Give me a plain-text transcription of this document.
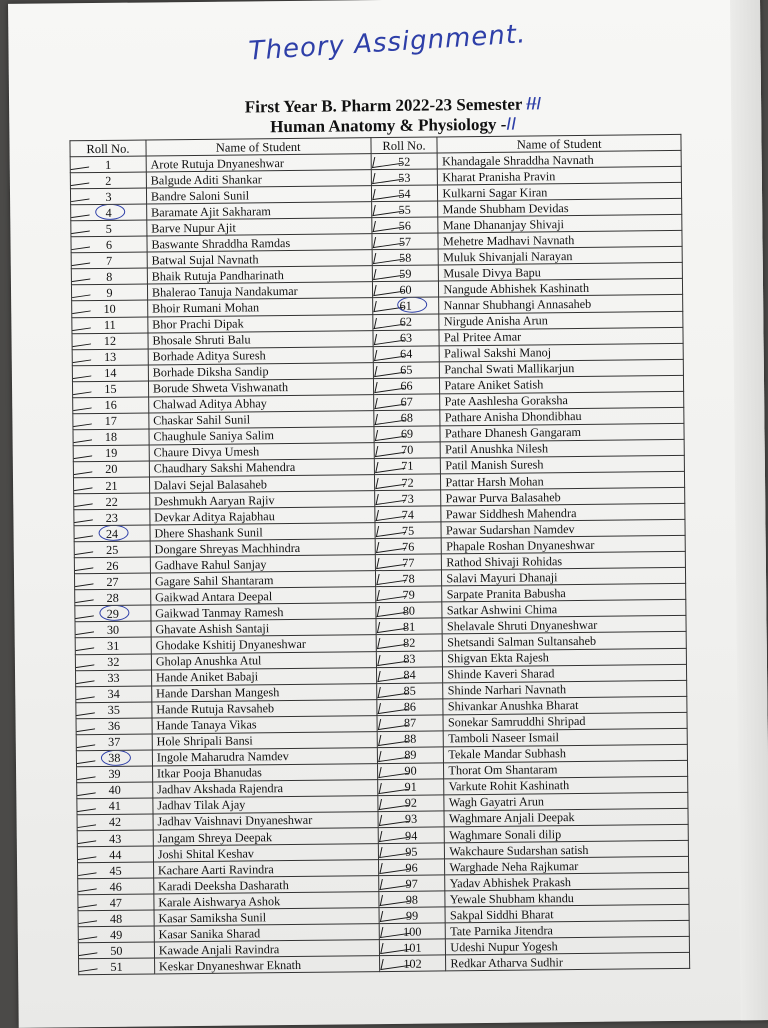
Theory Assignment.
First Year B. Pharm 2022-23 Semester III
Human Anatomy & Physiology -II
Roll No.	Name of Student	Roll No.	Name of Student
1	Arote Rutuja Dnyaneshwar	52	Khandagale Shraddha Navnath
2	Balgude Aditi Shankar	53	Kharat Pranisha Pravin
3	Bandre Saloni Sunil	54	Kulkarni Sagar Kiran
4	Baramate Ajit Sakharam	55	Mande Shubham Devidas
5	Barve Nupur Ajit	56	Mane Dhananjay Shivaji
6	Baswante Shraddha Ramdas	57	Mehetre Madhavi Navnath
7	Batwal Sujal Navnath	58	Muluk Shivanjali Narayan
8	Bhaik Rutuja Pandharinath	59	Musale Divya Bapu
9	Bhalerao Tanuja Nandakumar	60	Nangude Abhishek Kashinath
10	Bhoir Rumani Mohan	61	Nannar Shubhangi Annasaheb
11	Bhor Prachi Dipak	62	Nirgude Anisha Arun
12	Bhosale Shruti Balu	63	Pal Pritee Amar
13	Borhade Aditya Suresh	64	Paliwal Sakshi Manoj
14	Borhade Diksha Sandip	65	Panchal Swati Mallikarjun
15	Borude Shweta Vishwanath	66	Patare Aniket Satish
16	Chalwad Aditya Abhay	67	Pate Aashlesha Goraksha
17	Chaskar Sahil Sunil	68	Pathare Anisha Dhondibhau
18	Chaughule Saniya Salim	69	Pathare Dhanesh Gangaram
19	Chaure Divya Umesh	70	Patil Anushka Nilesh
20	Chaudhary Sakshi Mahendra	71	Patil Manish Suresh
21	Dalavi Sejal Balasaheb	72	Pattar Harsh Mohan
22	Deshmukh Aaryan Rajiv	73	Pawar Purva Balasaheb
23	Devkar Aditya Rajabhau	74	Pawar Siddhesh Mahendra
24	Dhere Shashank Sunil	75	Pawar Sudarshan Namdev
25	Dongare Shreyas Machhindra	76	Phapale Roshan Dnyaneshwar
26	Gadhave Rahul Sanjay	77	Rathod Shivaji Rohidas
27	Gagare Sahil Shantaram	78	Salavi Mayuri Dhanaji
28	Gaikwad Antara Deepal	79	Sarpate Pranita Babusha
29	Gaikwad Tanmay Ramesh	80	Satkar Ashwini Chima
30	Ghavate Ashish Santaji	81	Shelavale Shruti Dnyaneshwar
31	Ghodake Kshitij Dnyaneshwar	82	Shetsandi Salman Sultansaheb
32	Gholap Anushka Atul	83	Shigvan Ekta Rajesh
33	Hande Aniket Babaji	84	Shinde Kaveri Sharad
34	Hande Darshan Mangesh	85	Shinde Narhari Navnath
35	Hande Rutuja Ravsaheb	86	Shivankar Anushka Bharat
36	Hande Tanaya Vikas	87	Sonekar Samruddhi Shripad
37	Hole Shripali Bansi	88	Tamboli Naseer Ismail
38	Ingole Maharudra Namdev	89	Tekale Mandar Subhash
39	Itkar Pooja Bhanudas	90	Thorat Om Shantaram
40	Jadhav Akshada Rajendra	91	Varkute Rohit Kashinath
41	Jadhav Tilak Ajay	92	Wagh Gayatri Arun
42	Jadhav Vaishnavi Dnyaneshwar	93	Waghmare Anjali Deepak
43	Jangam Shreya Deepak	94	Waghmare Sonali dilip
44	Joshi Shital Keshav	95	Wakchaure Sudarshan satish
45	Kachare Aarti Ravindra	96	Warghade Neha Rajkumar
46	Karadi Deeksha Dasharath	97	Yadav Abhishek Prakash
47	Karale Aishwarya Ashok	98	Yewale Shubham khandu
48	Kasar Samiksha Sunil	99	Sakpal Siddhi Bharat
49	Kasar Sanika Sharad	100	Tate Parnika Jitendra
50	Kawade Anjali Ravindra	101	Udeshi Nupur Yogesh
51	Keskar Dnyaneshwar Eknath	102	Redkar Atharva Sudhir
